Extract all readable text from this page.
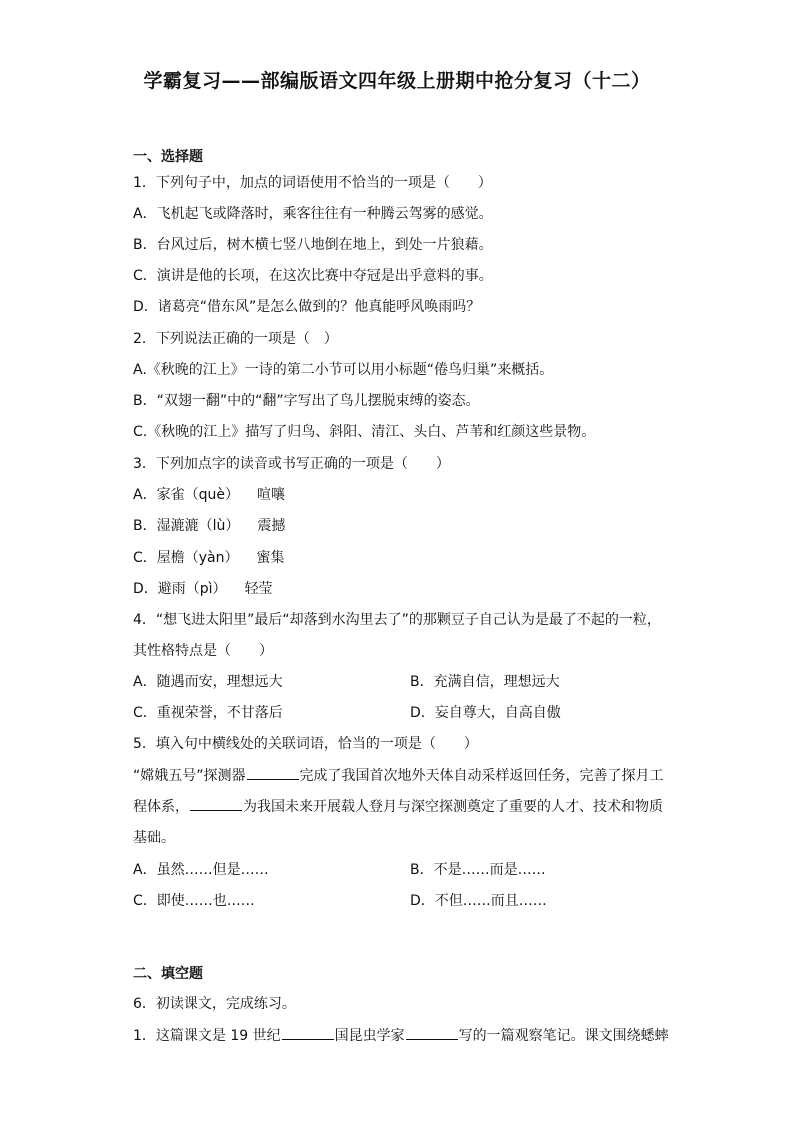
学霸复习——部编版语文四年级上册期中抢分复习（十二）
一、选择题
1．下列句子中，加点的词语使用不恰当的一项是（　　）
A．飞机起飞或降落时，乘客往往有一种腾云驾雾的感觉。
B．台风过后，树木横七竖八地倒在地上，到处一片狼藉。
C．演讲是他的长项，在这次比赛中夺冠是出乎意料的事。
D．诸葛亮“借东风”是怎么做到的？他真能呼风唤雨吗？
2．下列说法正确的一项是（　）
A.《秋晚的江上》一诗的第二小节可以用小标题“倦鸟归巢”来概括。
B．“双翅一翻”中的“翻”字写出了鸟儿摆脱束缚的姿态。
C.《秋晚的江上》描写了归鸟、斜阳、清江、头白、芦苇和红颜这些景物。
3．下列加点字的读音或书写正确的一项是（　　）
A．家雀（què） 喧嚷
B．湿漉漉（lù） 震撼
C．屋檐（yàn） 蜜集
D．避雨（pì） 轻莹
4．“想飞进太阳里”最后“却落到水沟里去了”的那颗豆子自己认为是最了不起的一粒，
其性格特点是（　　）
A．随遇而安，理想远大	B．充满自信，理想远大
C．重视荣誉，不甘落后	D．妄自尊大，自高自傲
5．填入句中横线处的关联词语，恰当的一项是（　　）
“嫦娥五号”探测器	完成了我国首次地外天体自动采样返回任务，完善了探月工
程体系，	为我国未来开展载人登月与深空探测奠定了重要的人才、技术和物质
基础。
A．虽然……但是……	B．不是……而是……
C．即使……也……	D．不但……而且……
二、填空题
6．初读课文，完成练习。
1．这篇课文是 19 世纪	国昆虫学家	写的一篇观察笔记。课文围绕蟋蟀
